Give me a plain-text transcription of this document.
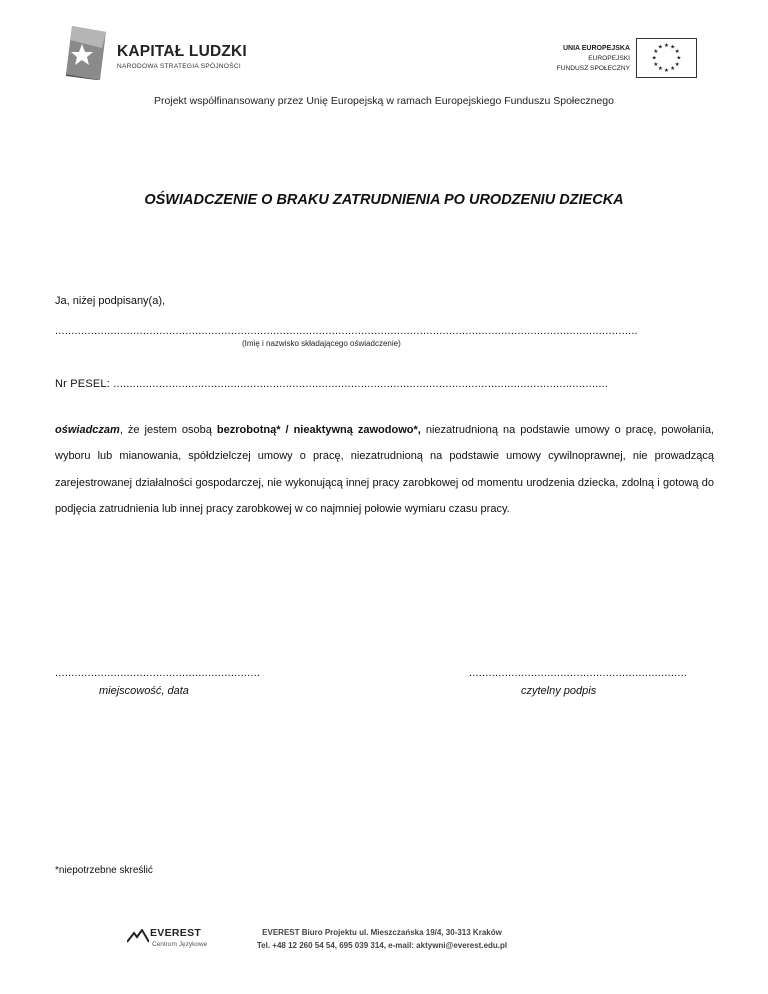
KAPITAŁ LUDZKI
NARODOWA STRATEGIA SPÓJNOŚCI
UNIA EUROPEJSKA
EUROPEJSKI
FUNDUSZ SPOŁECZNY
★ ★
★
★
★
★
★
★
★
★
★
★
Projekt współfinansowany przez Unię Europejską w ramach Europejskiego Funduszu Społecznego
OŚWIADCZENIE O BRAKU ZATRUDNIENIA PO URODZENIU DZIECKA
Ja, niżej podpisany(a),
...................................................................................................................................................................................
(Imię i nazwisko składającego oświadczenie)
Nr PESEL: ........................................................................................................................................................
oświadczam, że jestem osobą bezrobotną* / nieaktywną zawodowo*, niezatrudnioną na podstawie umowy o pracę, powołania, wyboru lub mianowania, spółdzielczej umowy o pracę, niezatrudnioną na podstawie umowy cywilnoprawnej, nie prowadzącą zarejestrowanej działalności gospodarczej, nie wykonującą innej pracy zarobkowej od momentu urodzenia dziecka, zdolną i gotową do podjęcia zatrudnienia lub innej pracy zarobkowej w co najmniej połowie wymiaru czasu pracy.
...............................................................
miejscowość, data
...................................................................
czytelny podpis
*niepotrzebne skreślić
EVEREST
Centrum Językowe
EVEREST Biuro Projektu ul. Mieszczańska 19/4, 30-313 Kraków
Tel. +48 12 260 54 54, 695 039 314, e-mail: aktywni@everest.edu.pl
